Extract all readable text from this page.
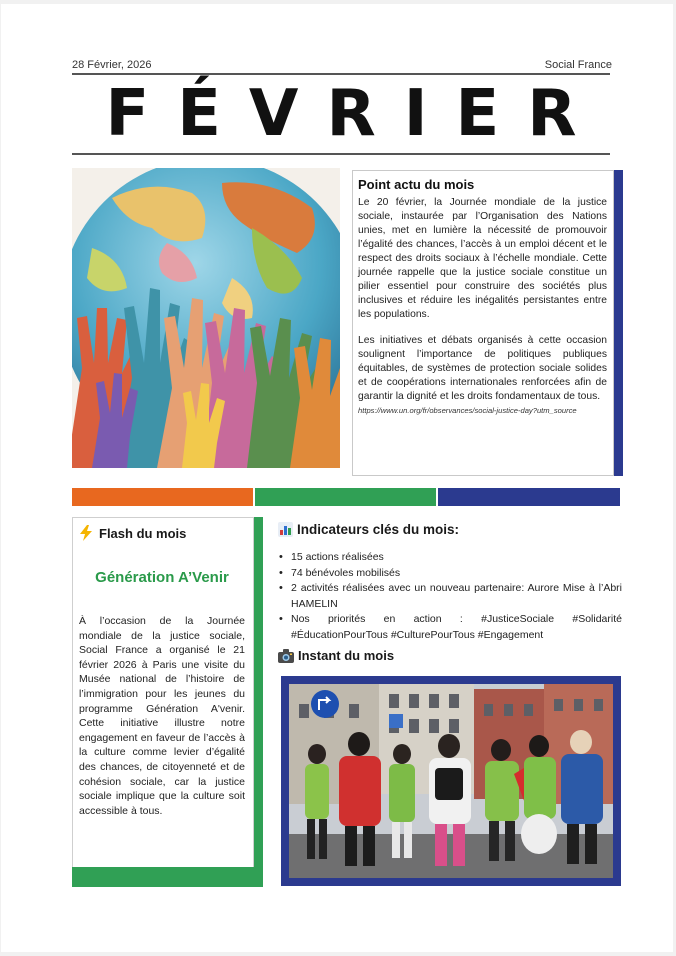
28 Février, 2026	Social France
FÉVRIER
Point actu du mois

Le 20 février, la Journée mondiale de la justice sociale, instaurée par l’Organisation des Nations unies, met en lumière la nécessité de promouvoir l’égalité des chances, l’accès à un emploi décent et le respect des droits sociaux à l’échelle mondiale. Cette journée rappelle que la justice sociale constitue un pilier essentiel pour construire des sociétés plus inclusives et réduire les inégalités persistantes entre les populations.

Les initiatives et débats organisés à cette occasion soulignent l’importance de politiques publiques équitables, de systèmes de protection sociale solides et de coopérations internationales renforcées afin de garantir la dignité et les droits fondamentaux de tous.

https://www.un.org/fr/observances/social-justice-day?utm_source
Flash du mois
Génération A’Venir

À l’occasion de la Journée mondiale de la justice sociale, Social France a organisé le 21 février 2026 à Paris une visite du Musée national de l’histoire de l’immigration pour les jeunes du programme Génération A'venir. Cette initiative illustre notre engagement en faveur de l’accès à la culture comme levier d’égalité des chances, de citoyenneté et de cohésion sociale, car la justice sociale implique que la culture soit accessible à tous.

Indicateurs clés du mois:
• 15 actions réalisées
• 74 bénévoles mobilisés
• 2 activités réalisées avec un nouveau partenaire: Aurore Mise à l’Abri HAMELIN
• Nos priorités en action : #JusticeSociale #Solidarité #ÉducationPourTous #CulturePourTous #Engagement
Instant du mois
